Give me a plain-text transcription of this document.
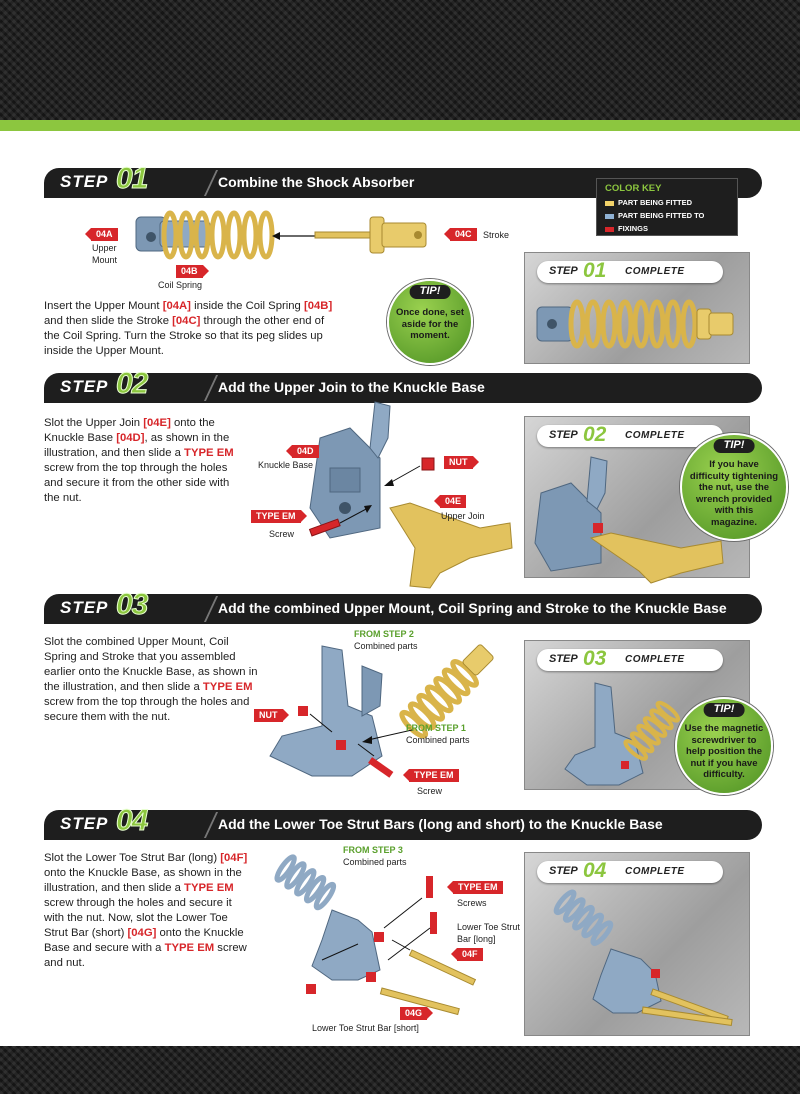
STEP 01	Combine the Shock Absorber	COLOR KEY
PART BEING FITTED
PART BEING FITTED TO
FIXINGS
04A
Upper
Mount
04B
Coil Spring
04C	Stroke
Insert the Upper Mount [04A] inside the Coil Spring [04B] and then slide the Stroke [04C] through the other end of the Coil Spring. Turn the Stroke so that its peg slides up inside the Upper Mount.
TIP!
Once done, set
aside for the
moment.
STEP 01 COMPLETE
STEP 02	Add the Upper Join to the Knuckle Base
Slot the Upper Join [04E] onto the Knuckle Base [04D], as shown in the illustration, and then slide a TYPE EM screw from the top through the holes and secure it from the other side with the nut.
04D
Knuckle Base	NUT
04E
Upper Join
TYPE EM
Screw
STEP 02 COMPLETE
TIP!
If you have
difficulty tightening
the nut, use the
wrench provided
with this
magazine.
STEP 03	Add the combined Upper Mount, Coil Spring and Stroke to the Knuckle Base
Slot the combined Upper Mount, Coil Spring and Stroke that you assembled earlier onto the Knuckle Base, as shown in the illustration, and then slide a TYPE EM screw from the top through the holes and secure them with the nut.
FROM STEP 2
Combined parts
FROM STEP 1
Combined parts
NUT
TYPE EM
Screw
STEP 03 COMPLETE
TIP!
Use the magnetic
screwdriver to
help position the
nut if you have
difficulty.
STEP 04	Add the Lower Toe Strut Bars (long and short) to the Knuckle Base
Slot the Lower Toe Strut Bar (long) [04F] onto the Knuckle Base, as shown in the illustration, and then slide a TYPE EM screw through the holes and secure it with the nut. Now, slot the Lower Toe Strut Bar (short) [04G] onto the Knuckle Base and secure with a TYPE EM screw and nut.
FROM STEP 3
Combined parts
TYPE EM
Screws
Lower Toe Strut
Bar [long]
04F
04G
Lower Toe Strut Bar [short]
STEP 04 COMPLETE
